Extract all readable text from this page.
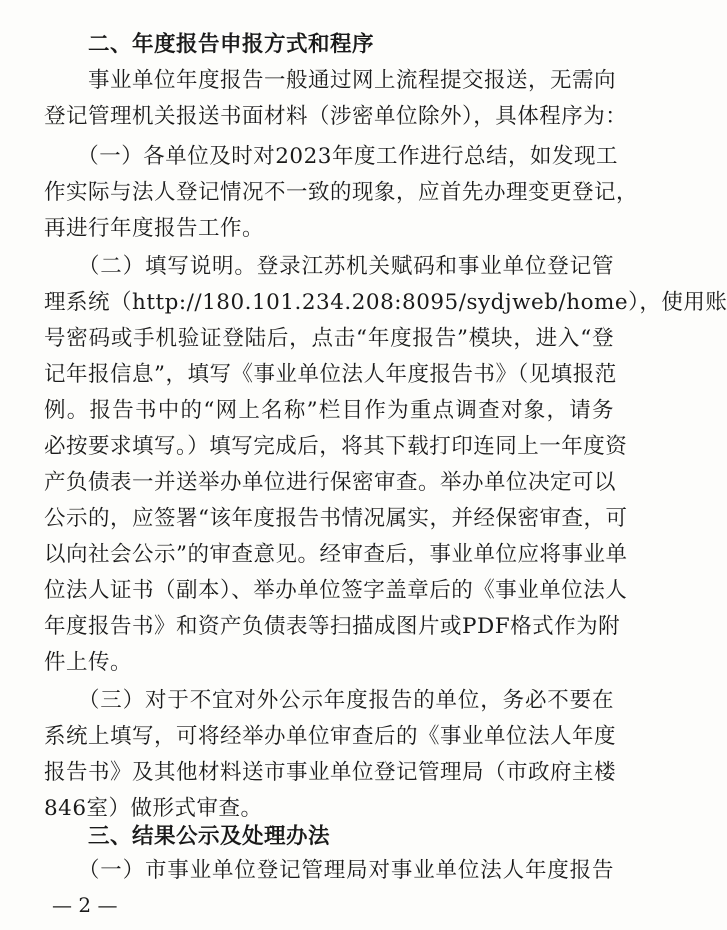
二、年度报告申报方式和程序
　　事业单位年度报告一般通过网上流程提交报送，无需向
登记管理机关报送书面材料（涉密单位除外），具体程序为：
　　（一）各单位及时对2023年度工作进行总结，如发现工
作实际与法人登记情况不一致的现象，应首先办理变更登记，
再进行年度报告工作。
　　（二）填写说明。登录江苏机关赋码和事业单位登记管
理系统（http://180.101.234.208:8095/sydjweb/home），使用账
号密码或手机验证登陆后，点击“年度报告”模块，进入“登
记年报信息”，填写《事业单位法人年度报告书》（见填报范
例。报告书中的“网上名称”栏目作为重点调查对象，请务
必按要求填写。）填写完成后，将其下载打印连同上一年度资
产负债表一并送举办单位进行保密审查。举办单位决定可以
公示的，应签署“该年度报告书情况属实，并经保密审查，可
以向社会公示”的审查意见。经审查后，事业单位应将事业单
位法人证书（副本）、举办单位签字盖章后的《事业单位法人
年度报告书》和资产负债表等扫描成图片或PDF格式作为附
件上传。
　　（三）对于不宜对外公示年度报告的单位，务必不要在
系统上填写，可将经举办单位审查后的《事业单位法人年度
报告书》及其他材料送市事业单位登记管理局（市政府主楼
846室）做形式审查。
三、结果公示及处理办法
　　（一）市事业单位登记管理局对事业单位法人年度报告
— 2 —
